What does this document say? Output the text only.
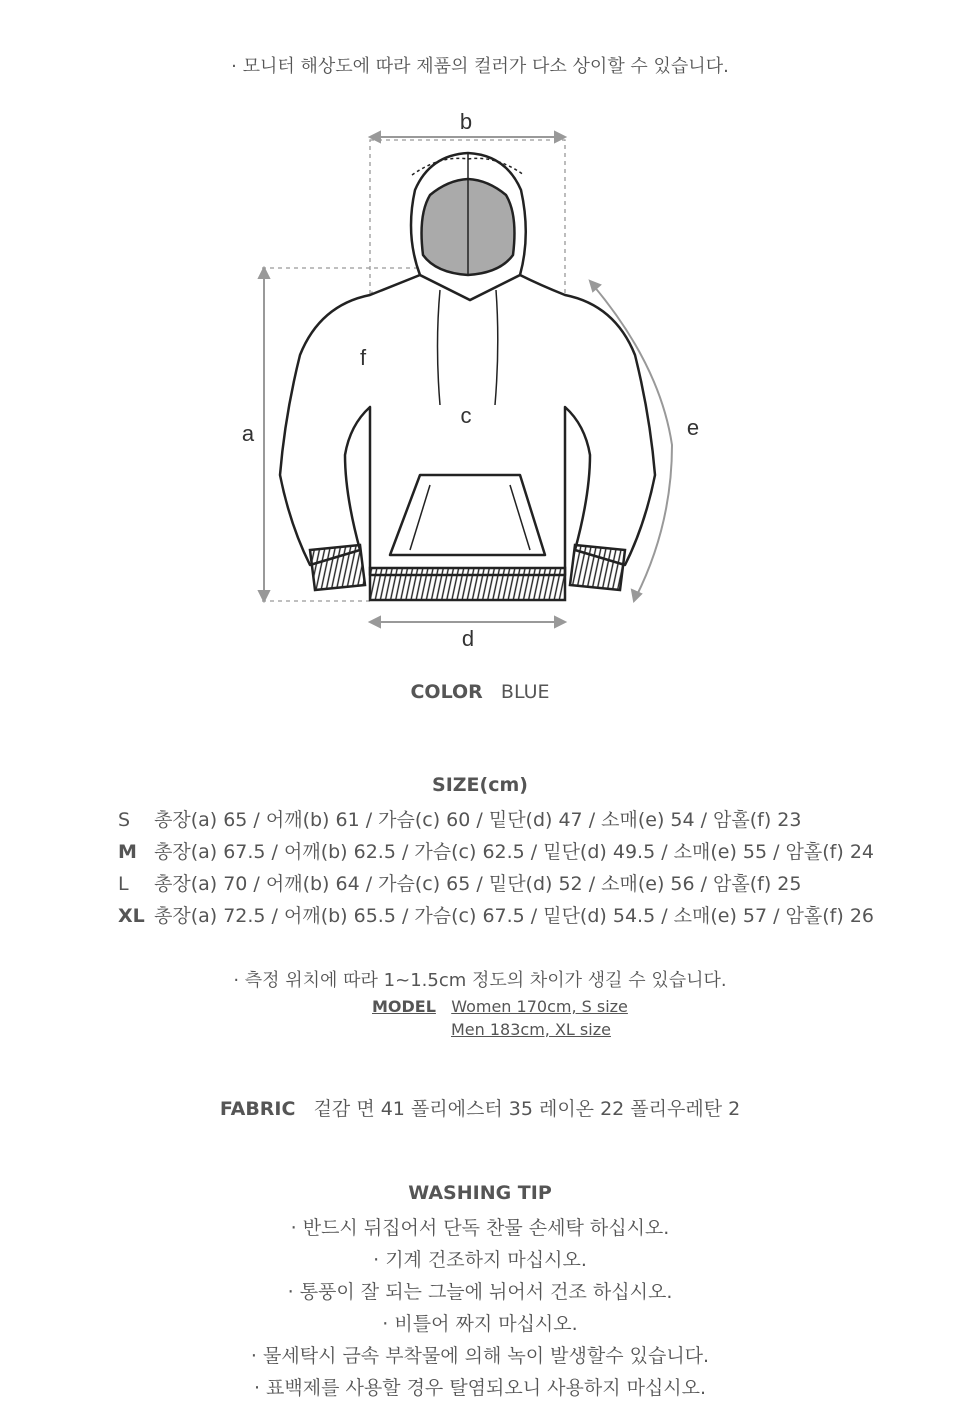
· 모니터 해상도에 따라 제품의 컬러가 다소 상이할 수 있습니다.
b
f
c
a	e
d
COLOR BLUE
SIZE(cm)
S 총장(a) 65 / 어깨(b) 61 / 가슴(c) 60 / 밑단(d) 47 / 소매(e) 54 / 암홀(f) 23
M 총장(a) 67.5 / 어깨(b) 62.5 / 가슴(c) 62.5 / 밑단(d) 49.5 / 소매(e) 55 / 암홀(f) 24
L 총장(a) 70 / 어깨(b) 64 / 가슴(c) 65 / 밑단(d) 52 / 소매(e) 56 / 암홀(f) 25
XL 총장(a) 72.5 / 어깨(b) 65.5 / 가슴(c) 67.5 / 밑단(d) 54.5 / 소매(e) 57 / 암홀(f) 26
· 측정 위치에 따라 1~1.5cm 정도의 차이가 생길 수 있습니다.
MODEL Women 170cm, S size
Men 183cm, XL size
FABRIC 겉감 면 41 폴리에스터 35 레이온 22 폴리우레탄 2
WASHING TIP
· 반드시 뒤집어서 단독 찬물 손세탁 하십시오.
· 기계 건조하지 마십시오.
· 통풍이 잘 되는 그늘에 뉘어서 건조 하십시오.
· 비틀어 짜지 마십시오.
· 물세탁시 금속 부착물에 의해 녹이 발생할수 있습니다.
· 표백제를 사용할 경우 탈염되오니 사용하지 마십시오.
